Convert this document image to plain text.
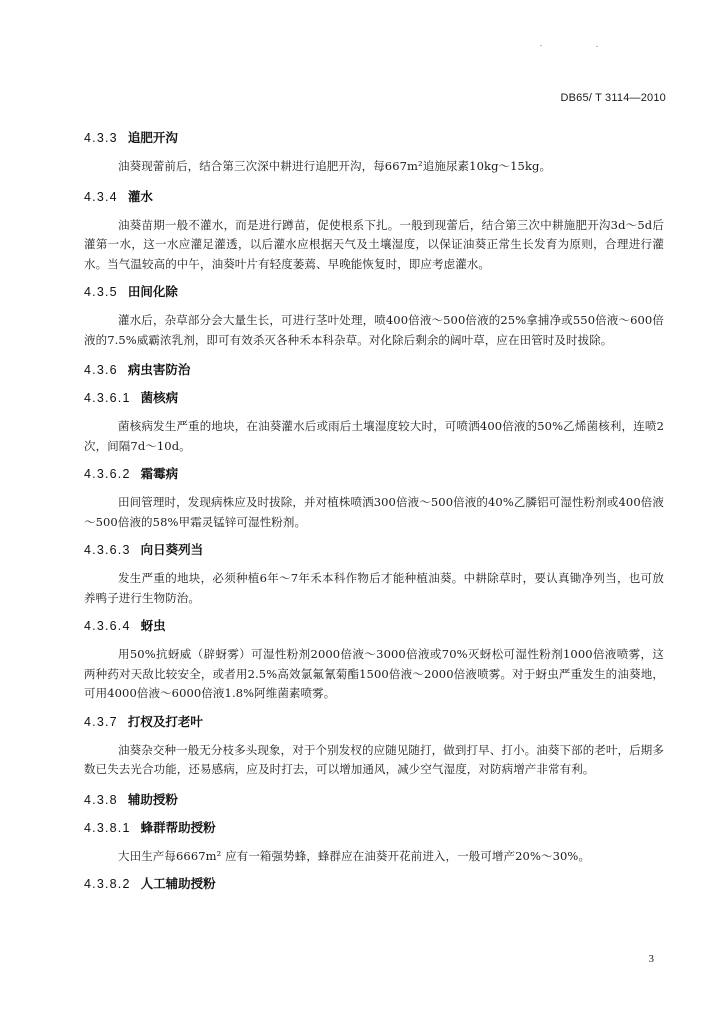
DB65/ T 3114—2010
4.3.3 追肥开沟

油葵现蕾前后，结合第三次深中耕进行追肥开沟，每667m²追施尿素10kg～15kg。

4.3.4 灌水

油葵苗期一般不灌水，而是进行蹲苗，促使根系下扎。一般到现蕾后，结合第三次中耕施肥开沟3d～5d后灌第一水，这一水应灌足灌透，以后灌水应根据天气及土壤湿度，以保证油葵正常生长发育为原则，合理进行灌水。当气温较高的中午，油葵叶片有轻度萎蔫、早晚能恢复时，即应考虑灌水。

4.3.5 田间化除

灌水后，杂草部分会大量生长，可进行茎叶处理，喷400倍液～500倍液的25%拿捕净或550倍液～600倍液的7.5%威霸浓乳剂，即可有效杀灭各种禾本科杂草。对化除后剩余的阔叶草，应在田管时及时拔除。

4.3.6 病虫害防治
4.3.6.1 菌核病

菌核病发生严重的地块，在油葵灌水后或雨后土壤湿度较大时，可喷洒400倍液的50%乙烯菌核利，连喷2次，间隔7d～10d。

4.3.6.2 霜霉病

田间管理时，发现病株应及时拔除，并对植株喷洒300倍液～500倍液的40%乙膦铝可湿性粉剂或400倍液～500倍液的58%甲霜灵锰锌可湿性粉剂。

4.3.6.3 向日葵列当

发生严重的地块，必须种植6年～7年禾本科作物后才能种植油葵。中耕除草时，要认真锄净列当，也可放养鸭子进行生物防治。

4.3.6.4 蚜虫

用50%抗蚜威（辟蚜雾）可湿性粉剂2000倍液～3000倍液或70%灭蚜松可湿性粉剂1000倍液喷雾，这两种药对天敌比较安全，或者用2.5%高效氯氟氰菊酯1500倍液～2000倍液喷雾。对于蚜虫严重发生的油葵地，可用4000倍液～6000倍液1.8%阿维菌素喷雾。

4.3.7 打杈及打老叶

油葵杂交种一般无分枝多头现象，对于个别发杈的应随见随打，做到打早、打小。油葵下部的老叶，后期多数已失去光合功能，还易感病，应及时打去，可以增加通风，减少空气湿度，对防病增产非常有利。

4.3.8 辅助授粉
4.3.8.1 蜂群帮助授粉

大田生产每6667m² 应有一箱强势蜂，蜂群应在油葵开花前进入，一般可增产20%～30%。

4.3.8.2 人工辅助授粉
3
